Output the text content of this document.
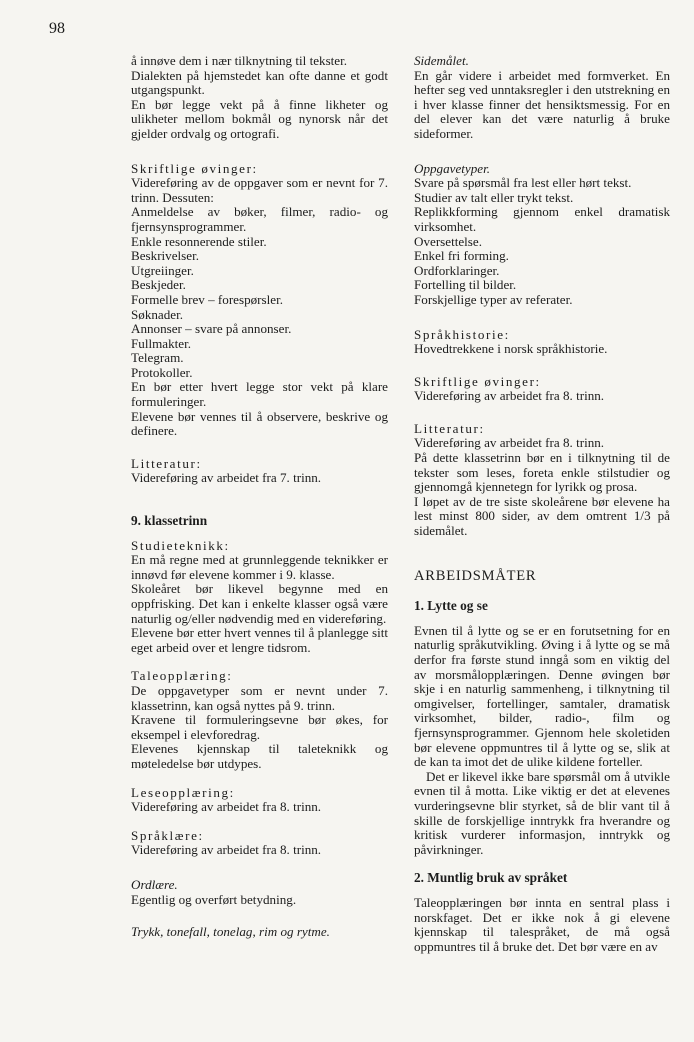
98
å innøve dem i nær tilknytning til tekster.
Dialekten på hjemstedet kan ofte danne et godt utgangspunkt.
En bør legge vekt på å finne likheter og ulikheter mellom bokmål og nynorsk når det gjelder ordvalg og ortografi.
Skriftlige øvinger:
Videreføring av de oppgaver som er nevnt for 7. trinn. Dessuten:
Anmeldelse av bøker, filmer, radio- og fjernsynsprogrammer.
Enkle resonnerende stiler.
Beskrivelser.
Utgreiinger.
Beskjeder.
Formelle brev – forespørsler.
Søknader.
Annonser – svare på annonser.
Fullmakter.
Telegram.
Protokoller.
En bør etter hvert legge stor vekt på klare formuleringer.
Elevene bør vennes til å observere, beskrive og definere.
Litteratur:
Videreføring av arbeidet fra 7. trinn.
9. klassetrinn
Studieteknikk:
En må regne med at grunnleggende teknikker er innøvd før elevene kommer i 9. klasse.
Skoleåret bør likevel begynne med en oppfrisking. Det kan i enkelte klasser også være naturlig og/eller nødvendig med en videreføring.
Elevene bør etter hvert vennes til å planlegge sitt eget arbeid over et lengre tidsrom.
Taleopplæring:
De oppgavetyper som er nevnt under 7. klassetrinn, kan også nyttes på 9. trinn.
Kravene til formuleringsevne bør økes, for eksempel i elevforedrag.
Elevenes kjennskap til taleteknikk og møteledelse bør utdypes.
Leseopplæring:
Videreføring av arbeidet fra 8. trinn.
Språklære:
Videreføring av arbeidet fra 8. trinn.
Ordlære.
Egentlig og overført betydning.
Trykk, tonefall, tonelag, rim og rytme.
Sidemålet.
En går videre i arbeidet med formverket. En hefter seg ved unntaksregler i den utstrekning en i hver klasse finner det hensiktsmessig. For en del elever kan det være naturlig å bruke sideformer.
Oppgavetyper.
Svare på spørsmål fra lest eller hørt tekst.
Studier av talt eller trykt tekst.
Replikkforming gjennom enkel dramatisk virksomhet.
Oversettelse.
Enkel fri forming.
Ordforklaringer.
Fortelling til bilder.
Forskjellige typer av referater.
Språkhistorie:
Hovedtrekkene i norsk språkhistorie.
Skriftlige øvinger:
Videreføring av arbeidet fra 8. trinn.
Litteratur:
Videreføring av arbeidet fra 8. trinn.
På dette klassetrinn bør en i tilknytning til de tekster som leses, foreta enkle stilstudier og gjennomgå kjennetegn for lyrikk og prosa.
I løpet av de tre siste skoleårene bør elevene ha lest minst 800 sider, av dem omtrent 1/3 på sidemålet.
ARBEIDSMÅTER
1. Lytte og se

Evnen til å lytte og se er en forutsetning for en naturlig språkutvikling. Øving i å lytte og se må derfor fra første stund inngå som en viktig del av morsmålopplæringen. Denne øvingen bør skje i en naturlig sammenheng, i tilknytning til omgivelser, fortellinger, samtaler, dramatisk virksomhet, bilder, radio-, film og fjernsynsprogrammer. Gjennom hele skoletiden bør elevene oppmuntres til å lytte og se, slik at de kan ta imot det de ulike kildene forteller.

Det er likevel ikke bare spørsmål om å utvikle evnen til å motta. Like viktig er det at elevenes vurderingsevne blir styrket, så de blir vant til å skille de forskjellige inntrykk fra hverandre og kritisk vurderer informasjon, inntrykk og påvirkninger.

2. Muntlig bruk av språket

Taleopplæringen bør innta en sentral plass i norskfaget. Det er ikke nok å gi elevene kjennskap til talespråket, de må også oppmuntres til å bruke det. Det bør være en av
